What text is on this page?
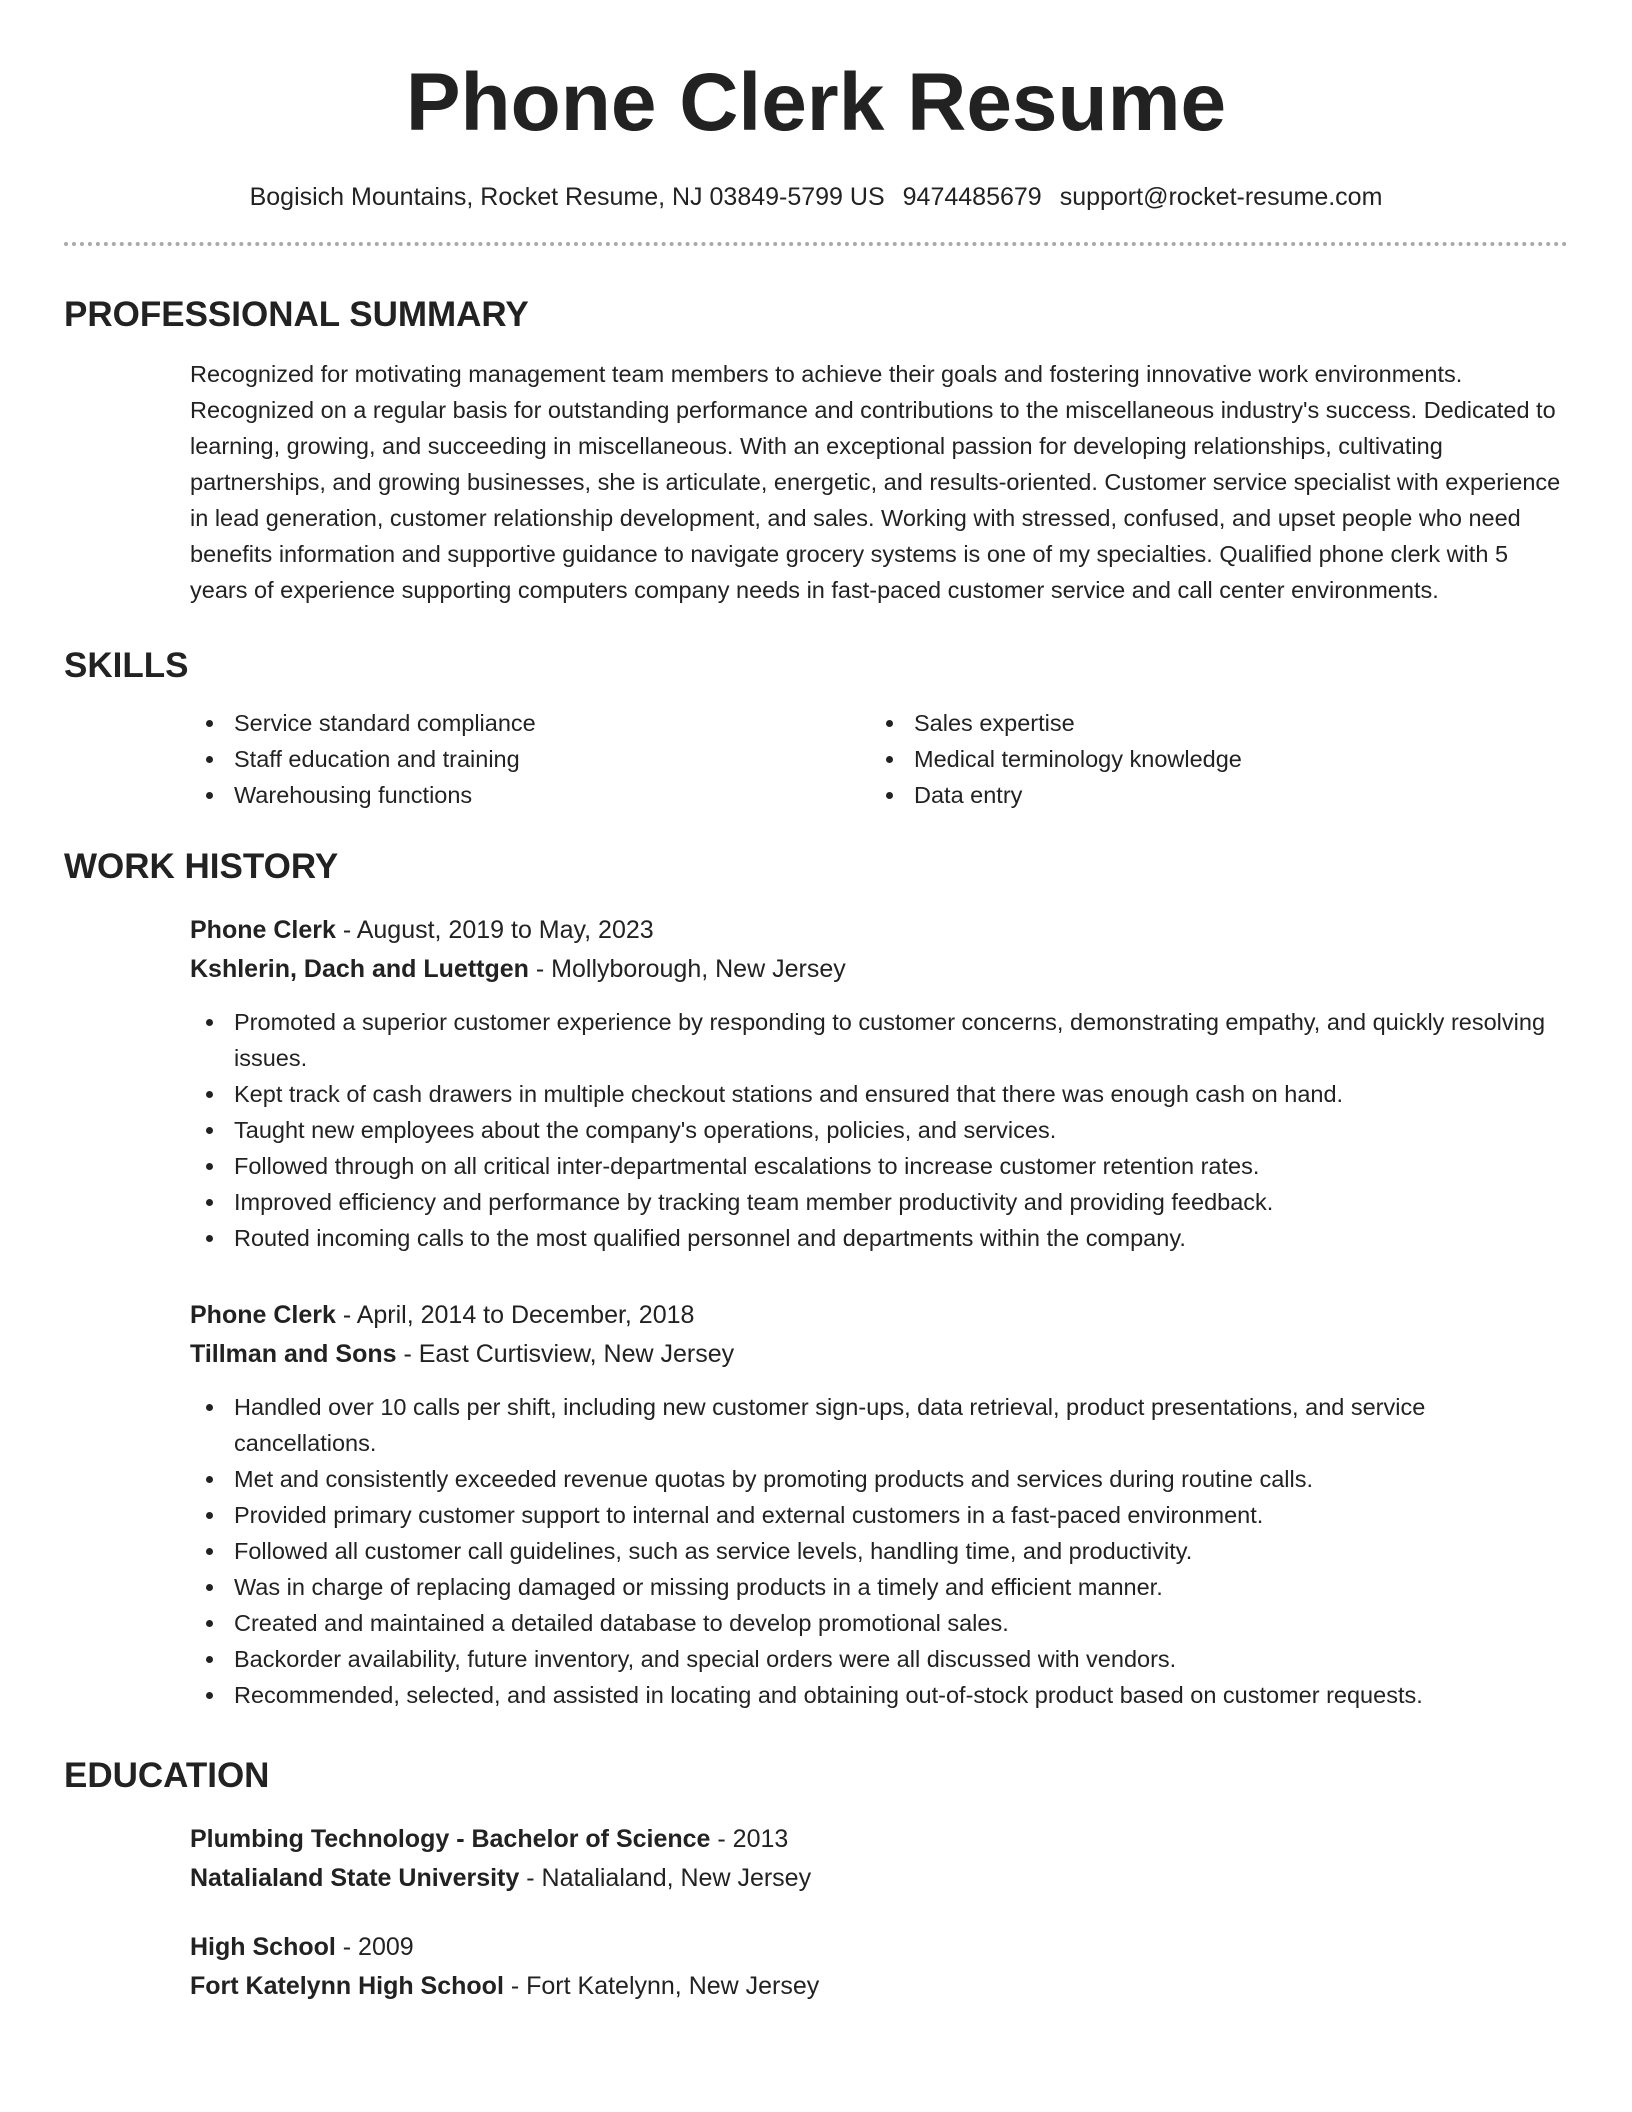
Phone Clerk Resume
Bogisich Mountains, Rocket Resume, NJ 03849-5799 US 9474485679 support@rocket-resume.com
PROFESSIONAL SUMMARY
Recognized for motivating management team members to achieve their goals and fostering innovative work environments. Recognized on a regular basis for outstanding performance and contributions to the miscellaneous industry's success. Dedicated to learning, growing, and succeeding in miscellaneous. With an exceptional passion for developing relationships, cultivating partnerships, and growing businesses, she is articulate, energetic, and results-oriented. Customer service specialist with experience in lead generation, customer relationship development, and sales. Working with stressed, confused, and upset people who need benefits information and supportive guidance to navigate grocery systems is one of my specialties. Qualified phone clerk with 5 years of experience supporting computers company needs in fast-paced customer service and call center environments.
SKILLS
Service standard compliance
Staff education and training
Warehousing functions
Sales expertise
Medical terminology knowledge
Data entry
WORK HISTORY
Phone Clerk - August, 2019 to May, 2023
Kshlerin, Dach and Luettgen - Mollyborough, New Jersey
Promoted a superior customer experience by responding to customer concerns, demonstrating empathy, and quickly resolving issues.
Kept track of cash drawers in multiple checkout stations and ensured that there was enough cash on hand.
Taught new employees about the company's operations, policies, and services.
Followed through on all critical inter-departmental escalations to increase customer retention rates.
Improved efficiency and performance by tracking team member productivity and providing feedback.
Routed incoming calls to the most qualified personnel and departments within the company.
Phone Clerk - April, 2014 to December, 2018
Tillman and Sons - East Curtisview, New Jersey
Handled over 10 calls per shift, including new customer sign-ups, data retrieval, product presentations, and service cancellations.
Met and consistently exceeded revenue quotas by promoting products and services during routine calls.
Provided primary customer support to internal and external customers in a fast-paced environment.
Followed all customer call guidelines, such as service levels, handling time, and productivity.
Was in charge of replacing damaged or missing products in a timely and efficient manner.
Created and maintained a detailed database to develop promotional sales.
Backorder availability, future inventory, and special orders were all discussed with vendors.
Recommended, selected, and assisted in locating and obtaining out-of-stock product based on customer requests.
EDUCATION
Plumbing Technology - Bachelor of Science - 2013
Natalialand State University - Natalialand, New Jersey
High School - 2009
Fort Katelynn High School - Fort Katelynn, New Jersey
